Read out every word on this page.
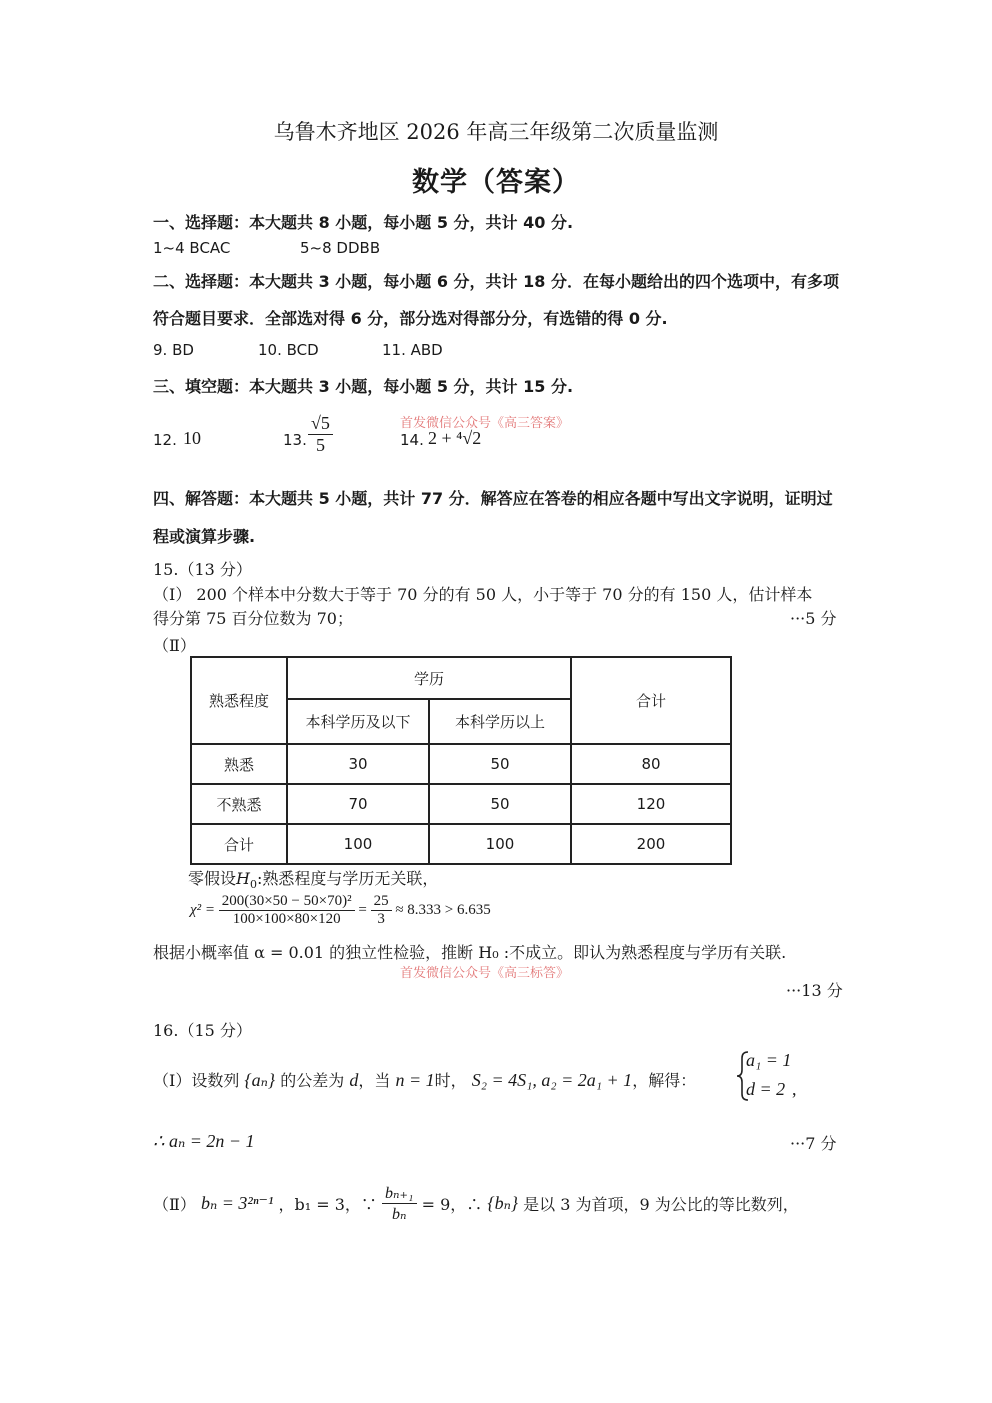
乌鲁木齐地区 2026 年高三年级第二次质量监测
数学（答案）
一、选择题：本大题共 8 小题，每小题 5 分，共计 40 分.
1~4 BCAC	5~8 DDBB
二、选择题：本大题共 3 小题，每小题 6 分，共计 18 分．在每小题给出的四个选项中，有多项
符合题目要求．全部选对得 6 分，部分选对得部分分，有选错的得 0 分.
9. BD	10. BCD	11. ABD
三、填空题：本大题共 3 小题，每小题 5 分，共计 15 分.
首发微信公众号《高三答案》
12. 10	13. $\frac{√5}{5}$	14. 2 + ⁴√2
四、解答题：本大题共 5 小题，共计 77 分．解答应在答卷的相应各题中写出文字说明，证明过
程或演算步骤.
15.（13 分）
（Ⅰ） 200 个样本中分数大于等于 70 分的有 50 人，小于等于 70 分的有 150 人，估计样本
得分第 75 百分位数为 70；	···5 分
（Ⅱ）
熟悉程度	学历		合计
	本科学历及以下	本科学历以上	
熟悉	30	50	80
不熟悉	70	50	120
合计	100	100	200
零假设$H_0$:熟悉程度与学历无关联，
$\chi^2 = \frac{\text{200(30×50 − 50×70)²}}{100\times 100\times 80\times 120} = \frac{25}{3} \approx 8.333 > 6.635$
根据小概率值 α = 0.01 的独立性检验，推断 H₀ :不成立。即认为熟悉程度与学历有关联.
首发微信公众号《高三标答》
···13 分
16.（15 分）
（Ⅰ）设数列 {aₙ} 的公差为 d，当 n = 1时， S₂ = 4S₁, a₂ = 2a₁ + 1，解得：
a₁ = 1
d = 2 ,
∴ aₙ = 2n − 1	···7 分
（Ⅱ） bₙ = 3²ⁿ⁻¹ ，b₁ = 3，∵ $\frac{\text{bₙ₊₁}}{\text{bₙ}} = 9$，∴ {bₙ} 是以 3 为首项，9 为公比的等比数列，
